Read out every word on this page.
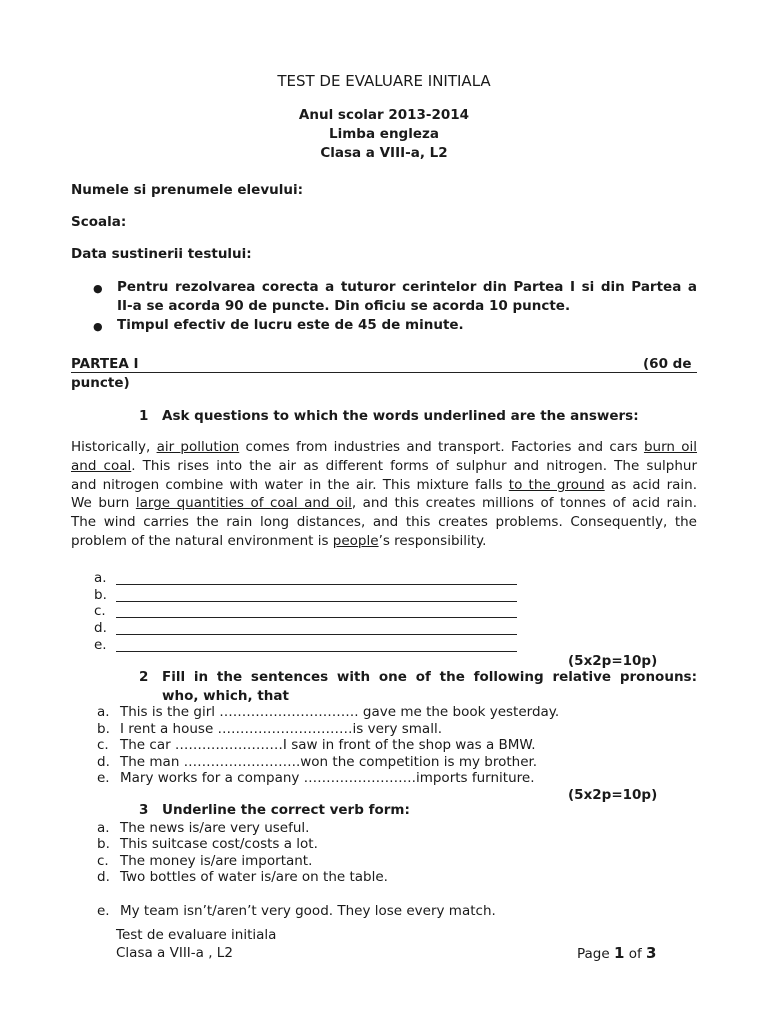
TEST DE EVALUARE INITIALA
Anul scolar 2013-2014
Limba engleza
Clasa a VIII-a, L2
Numele si prenumele elevului:
Scoala:
Data sustinerii testului:
● Pentru rezolvarea corecta a tuturor cerintelor din Partea I si din Partea a
II-a se acorda 90 de puncte. Din oficiu se acorda 10 puncte.
● Timpul efectiv de lucru este de 45 de minute.
PARTEA I	(60 de
puncte)
1 Ask questions to which the words underlined are the answers:
Historically, air pollution comes from industries and transport. Factories and cars burn oil
and coal. This rises into the air as different forms of sulphur and nitrogen. The sulphur
and nitrogen combine with water in the air. This mixture falls to the ground as acid rain.
We burn large quantities of coal and oil, and this creates millions of tonnes of acid rain.
The wind carries the rain long distances, and this creates problems. Consequently, the
problem of the natural environment is people’s responsibility.
a.
b.
c.
d.
e.
(5x2p=10p)
2 Fill in the sentences with one of the following relative pronouns:
who, which, that
a. This is the girl …………………………. gave me the book yesterday.
b. I rent a house …………………………is very small.
c. The car ……………………I saw in front of the shop was a BMW.
d. The man ……………………..won the competition is my brother.
e. Mary works for a company …………………….imports furniture.
(5x2p=10p)
3 Underline the correct verb form:
a. The news is/are very useful.
b. This suitcase cost/costs a lot.
c. The money is/are important.
d. Two bottles of water is/are on the table.
e. My team isn’t/aren’t very good. They lose every match.
Test de evaluare initiala
Clasa a VIII-a , L2	Page 1 of 3
